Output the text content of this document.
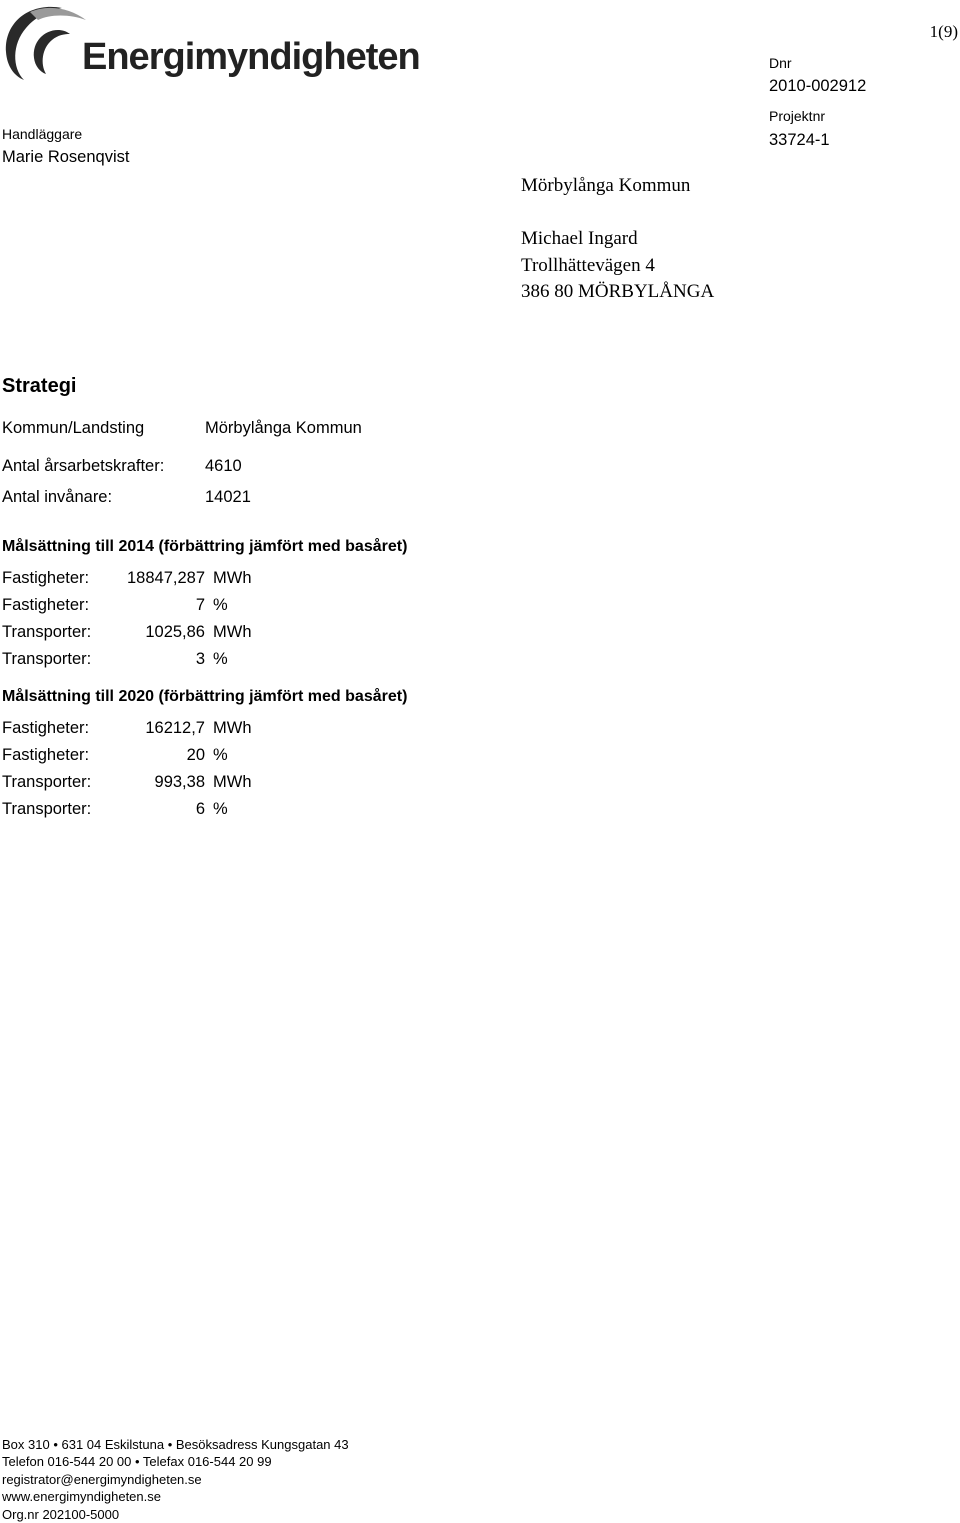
Energimyndigheten
1(9)
Handläggare
Marie Rosenqvist
Dnr
2010-002912
Projektnr
33724-1
Mörbylånga Kommun
Michael Ingard
Trollhättevägen 4
386 80 MÖRBYLÅNGA
Strategi
Kommun/Landsting	Mörbylånga Kommun
Antal årsarbetskrafter: 4610
Antal invånare:	14021
Målsättning till 2014 (förbättring jämfört med basåret)
Fastigheter:	18847,287 MWh
Fastigheter:	7 %
Transporter:	1025,86 MWh
Transporter:	3 %
Målsättning till 2020 (förbättring jämfört med basåret)
Fastigheter:	16212,7 MWh
Fastigheter:	20 %
Transporter:	993,38 MWh
Transporter:	6 %
Box 310 • 631 04 Eskilstuna • Besöksadress Kungsgatan 43
Telefon 016-544 20 00 • Telefax 016-544 20 99
registrator@energimyndigheten.se
www.energimyndigheten.se
Org.nr 202100-5000
